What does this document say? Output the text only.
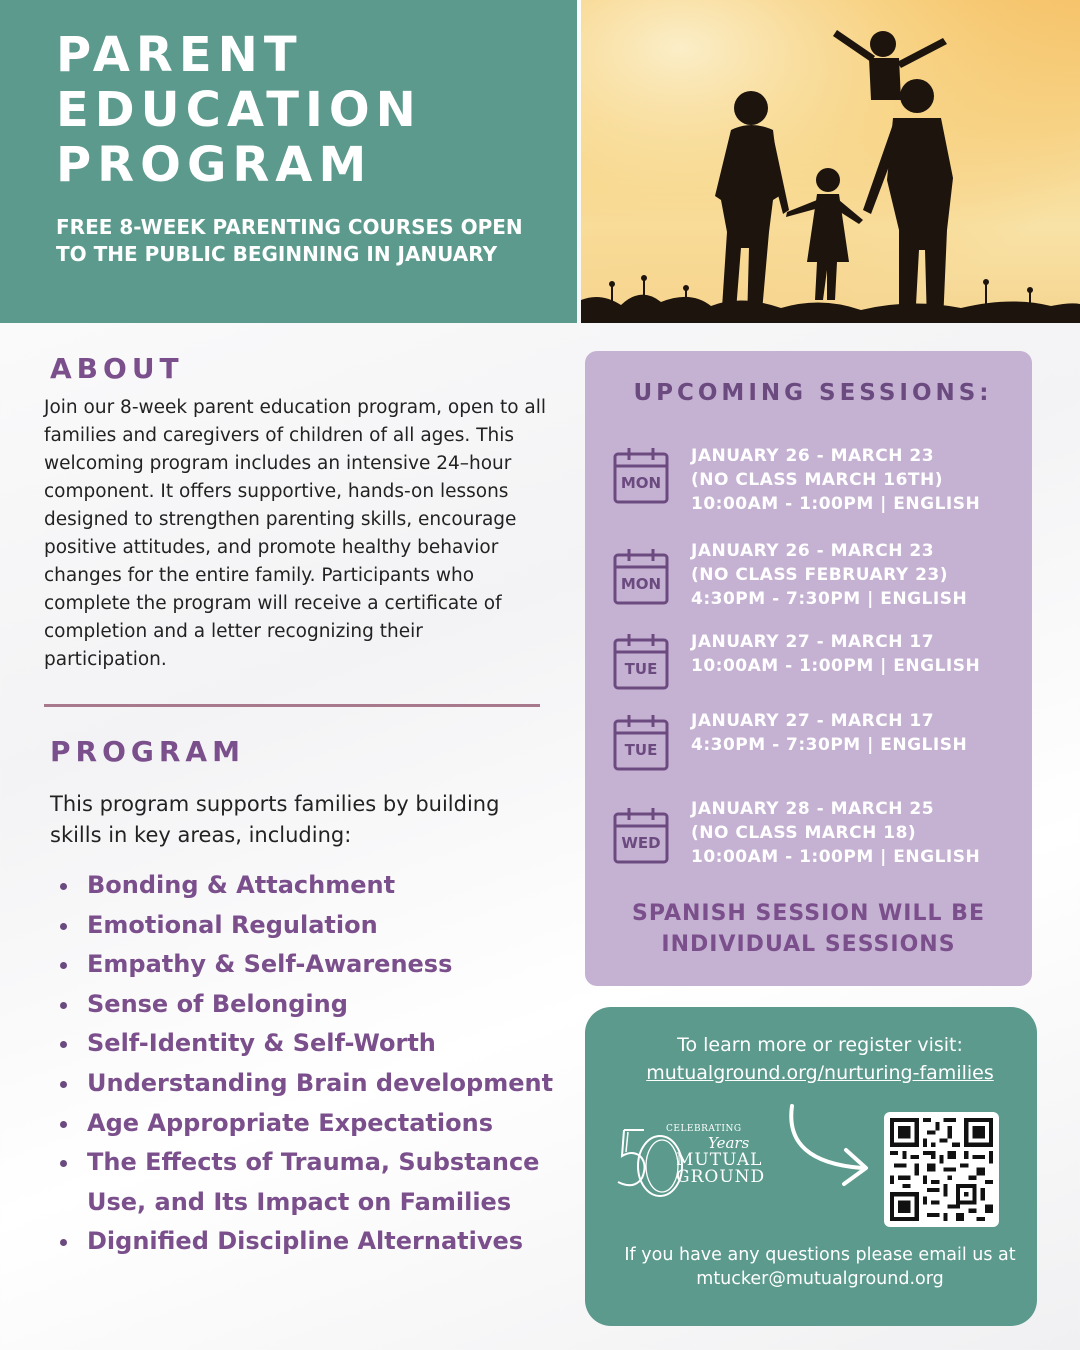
PARENT
EDUCATION
PROGRAM

FREE 8-WEEK PARENTING COURSES OPEN TO THE PUBLIC BEGINNING IN JANUARY

ABOUT

Join our 8-week parent education program, open to all families and caregivers of children of all ages. This welcoming program includes an intensive 24–hour component. It offers supportive, hands-on lessons designed to strengthen parenting skills, encourage positive attitudes, and promote healthy behavior changes for the entire family. Participants who complete the program will receive a certificate of completion and a letter recognizing their participation.

PROGRAM

This program supports families by building skills in key areas, including:

Bonding & Attachment
Emotional Regulation
Empathy & Self-Awareness
Sense of Belonging
Self-Identity & Self-Worth
Understanding Brain development
Age Appropriate Expectations
The Effects of Trauma, Substance Use, and Its Impact on Families
Dignified Discipline Alternatives
UPCOMING SESSIONS:
MON
JANUARY 26 - MARCH 23
(NO CLASS MARCH 16TH)
10:00AM - 1:00PM | ENGLISH
MON
JANUARY 26 - MARCH 23
(NO CLASS FEBRUARY 23)
4:30PM - 7:30PM | ENGLISH
TUE
JANUARY 27 - MARCH 17
10:00AM - 1:00PM | ENGLISH
TUE
JANUARY 27 - MARCH 17
4:30PM - 7:30PM | ENGLISH
WED
JANUARY 28 - MARCH 25
(NO CLASS MARCH 18)
10:00AM - 1:00PM | ENGLISH
SPANISH SESSION WILL BE
INDIVIDUAL SESSIONS

To learn more or register visit:

mutualground.org/nurturing-families
CELEBRATING
Years
MUTUAL
GROUND
If you have any questions please email us at
mtucker@mutualground.org
